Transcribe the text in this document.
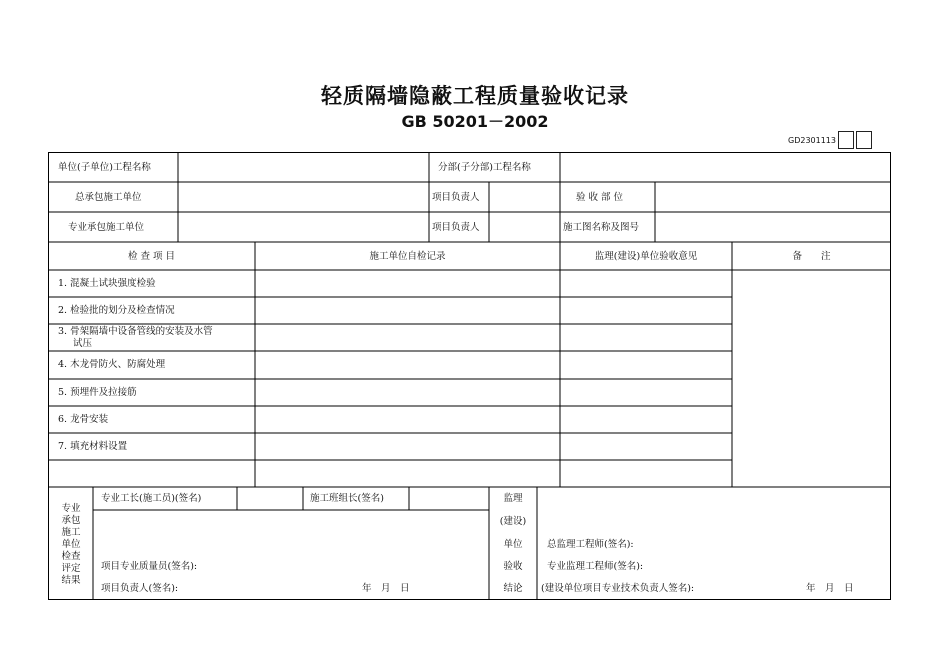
轻质隔墙隐蔽工程质量验收记录
GB 50201－2002
GD2301113
单位(子单位)工程名称	分部(子分部)工程名称
总承包施工单位	项目负责人	验 收 部 位
专业承包施工单位	项目负责人	施工图名称及图号
检 查 项 目	施工单位自检记录	监理(建设)单位验收意见	备　　注
1. 混凝土试块强度检验
2. 检验批的划分及检查情况
3. 骨架隔墙中设备管线的安装及水管
试压
4. 木龙骨防火、防腐处理
5. 预埋件及拉接筋
6. 龙骨安装
7. 填充材料设置
专业
承包
施工
单位
检查
评定
结果
专业工长(施工员)(签名)	施工班组长(签名)
项目专业质量员(签名):
项目负责人(签名):	年　月　日
监理
(建设)
单位
验收
结论
总监理工程师(签名):
专业监理工程师(签名):
(建设单位项目专业技术负责人签名):	年　月　日
